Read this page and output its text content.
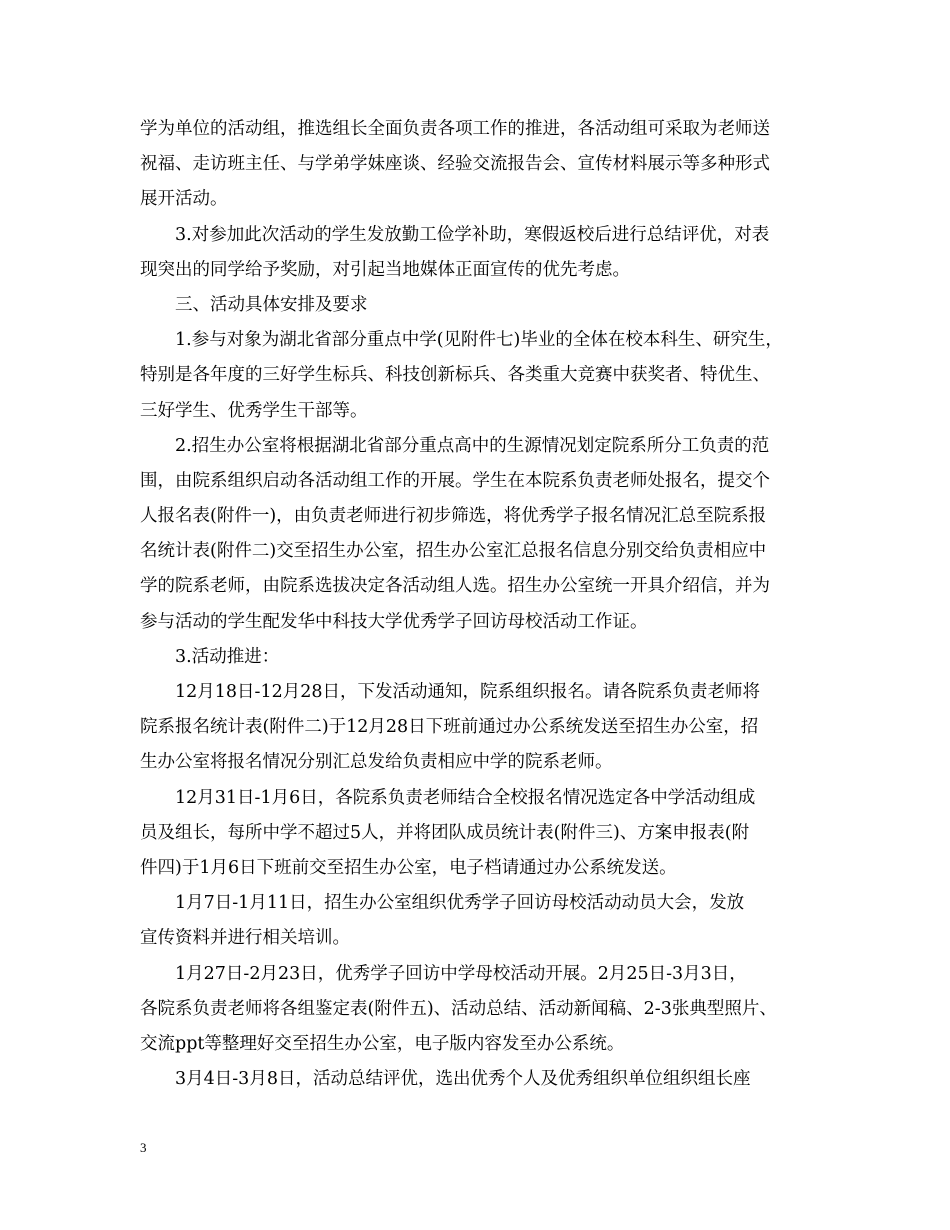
学为单位的活动组，推选组长全面负责各项工作的推进，各活动组可采取为老师送
祝福、走访班主任、与学弟学妹座谈、经验交流报告会、宣传材料展示等多种形式
展开活动。
3.对参加此次活动的学生发放勤工俭学补助，寒假返校后进行总结评优，对表
现突出的同学给予奖励，对引起当地媒体正面宣传的优先考虑。
三、活动具体安排及要求
1.参与对象为湖北省部分重点中学(见附件七)毕业的全体在校本科生、研究生，
特别是各年度的三好学生标兵、科技创新标兵、各类重大竞赛中获奖者、特优生、
三好学生、优秀学生干部等。
2.招生办公室将根据湖北省部分重点高中的生源情况划定院系所分工负责的范
围，由院系组织启动各活动组工作的开展。学生在本院系负责老师处报名，提交个
人报名表(附件一)，由负责老师进行初步筛选，将优秀学子报名情况汇总至院系报
名统计表(附件二)交至招生办公室，招生办公室汇总报名信息分别交给负责相应中
学的院系老师，由院系选拔决定各活动组人选。招生办公室统一开具介绍信，并为
参与活动的学生配发华中科技大学优秀学子回访母校活动工作证。
3.活动推进：
12月18日-12月28日，下发活动通知，院系组织报名。请各院系负责老师将
院系报名统计表(附件二)于12月28日下班前通过办公系统发送至招生办公室，招
生办公室将报名情况分别汇总发给负责相应中学的院系老师。
12月31日-1月6日，各院系负责老师结合全校报名情况选定各中学活动组成
员及组长，每所中学不超过5人，并将团队成员统计表(附件三)、方案申报表(附
件四)于1月6日下班前交至招生办公室，电子档请通过办公系统发送。
1月7日-1月11日，招生办公室组织优秀学子回访母校活动动员大会，发放
宣传资料并进行相关培训。
1月27日-2月23日，优秀学子回访中学母校活动开展。2月25日-3月3日，
各院系负责老师将各组鉴定表(附件五)、活动总结、活动新闻稿、2-3张典型照片、
交流ppt等整理好交至招生办公室，电子版内容发至办公系统。
3月4日-3月8日，活动总结评优，选出优秀个人及优秀组织单位组织组长座
3
